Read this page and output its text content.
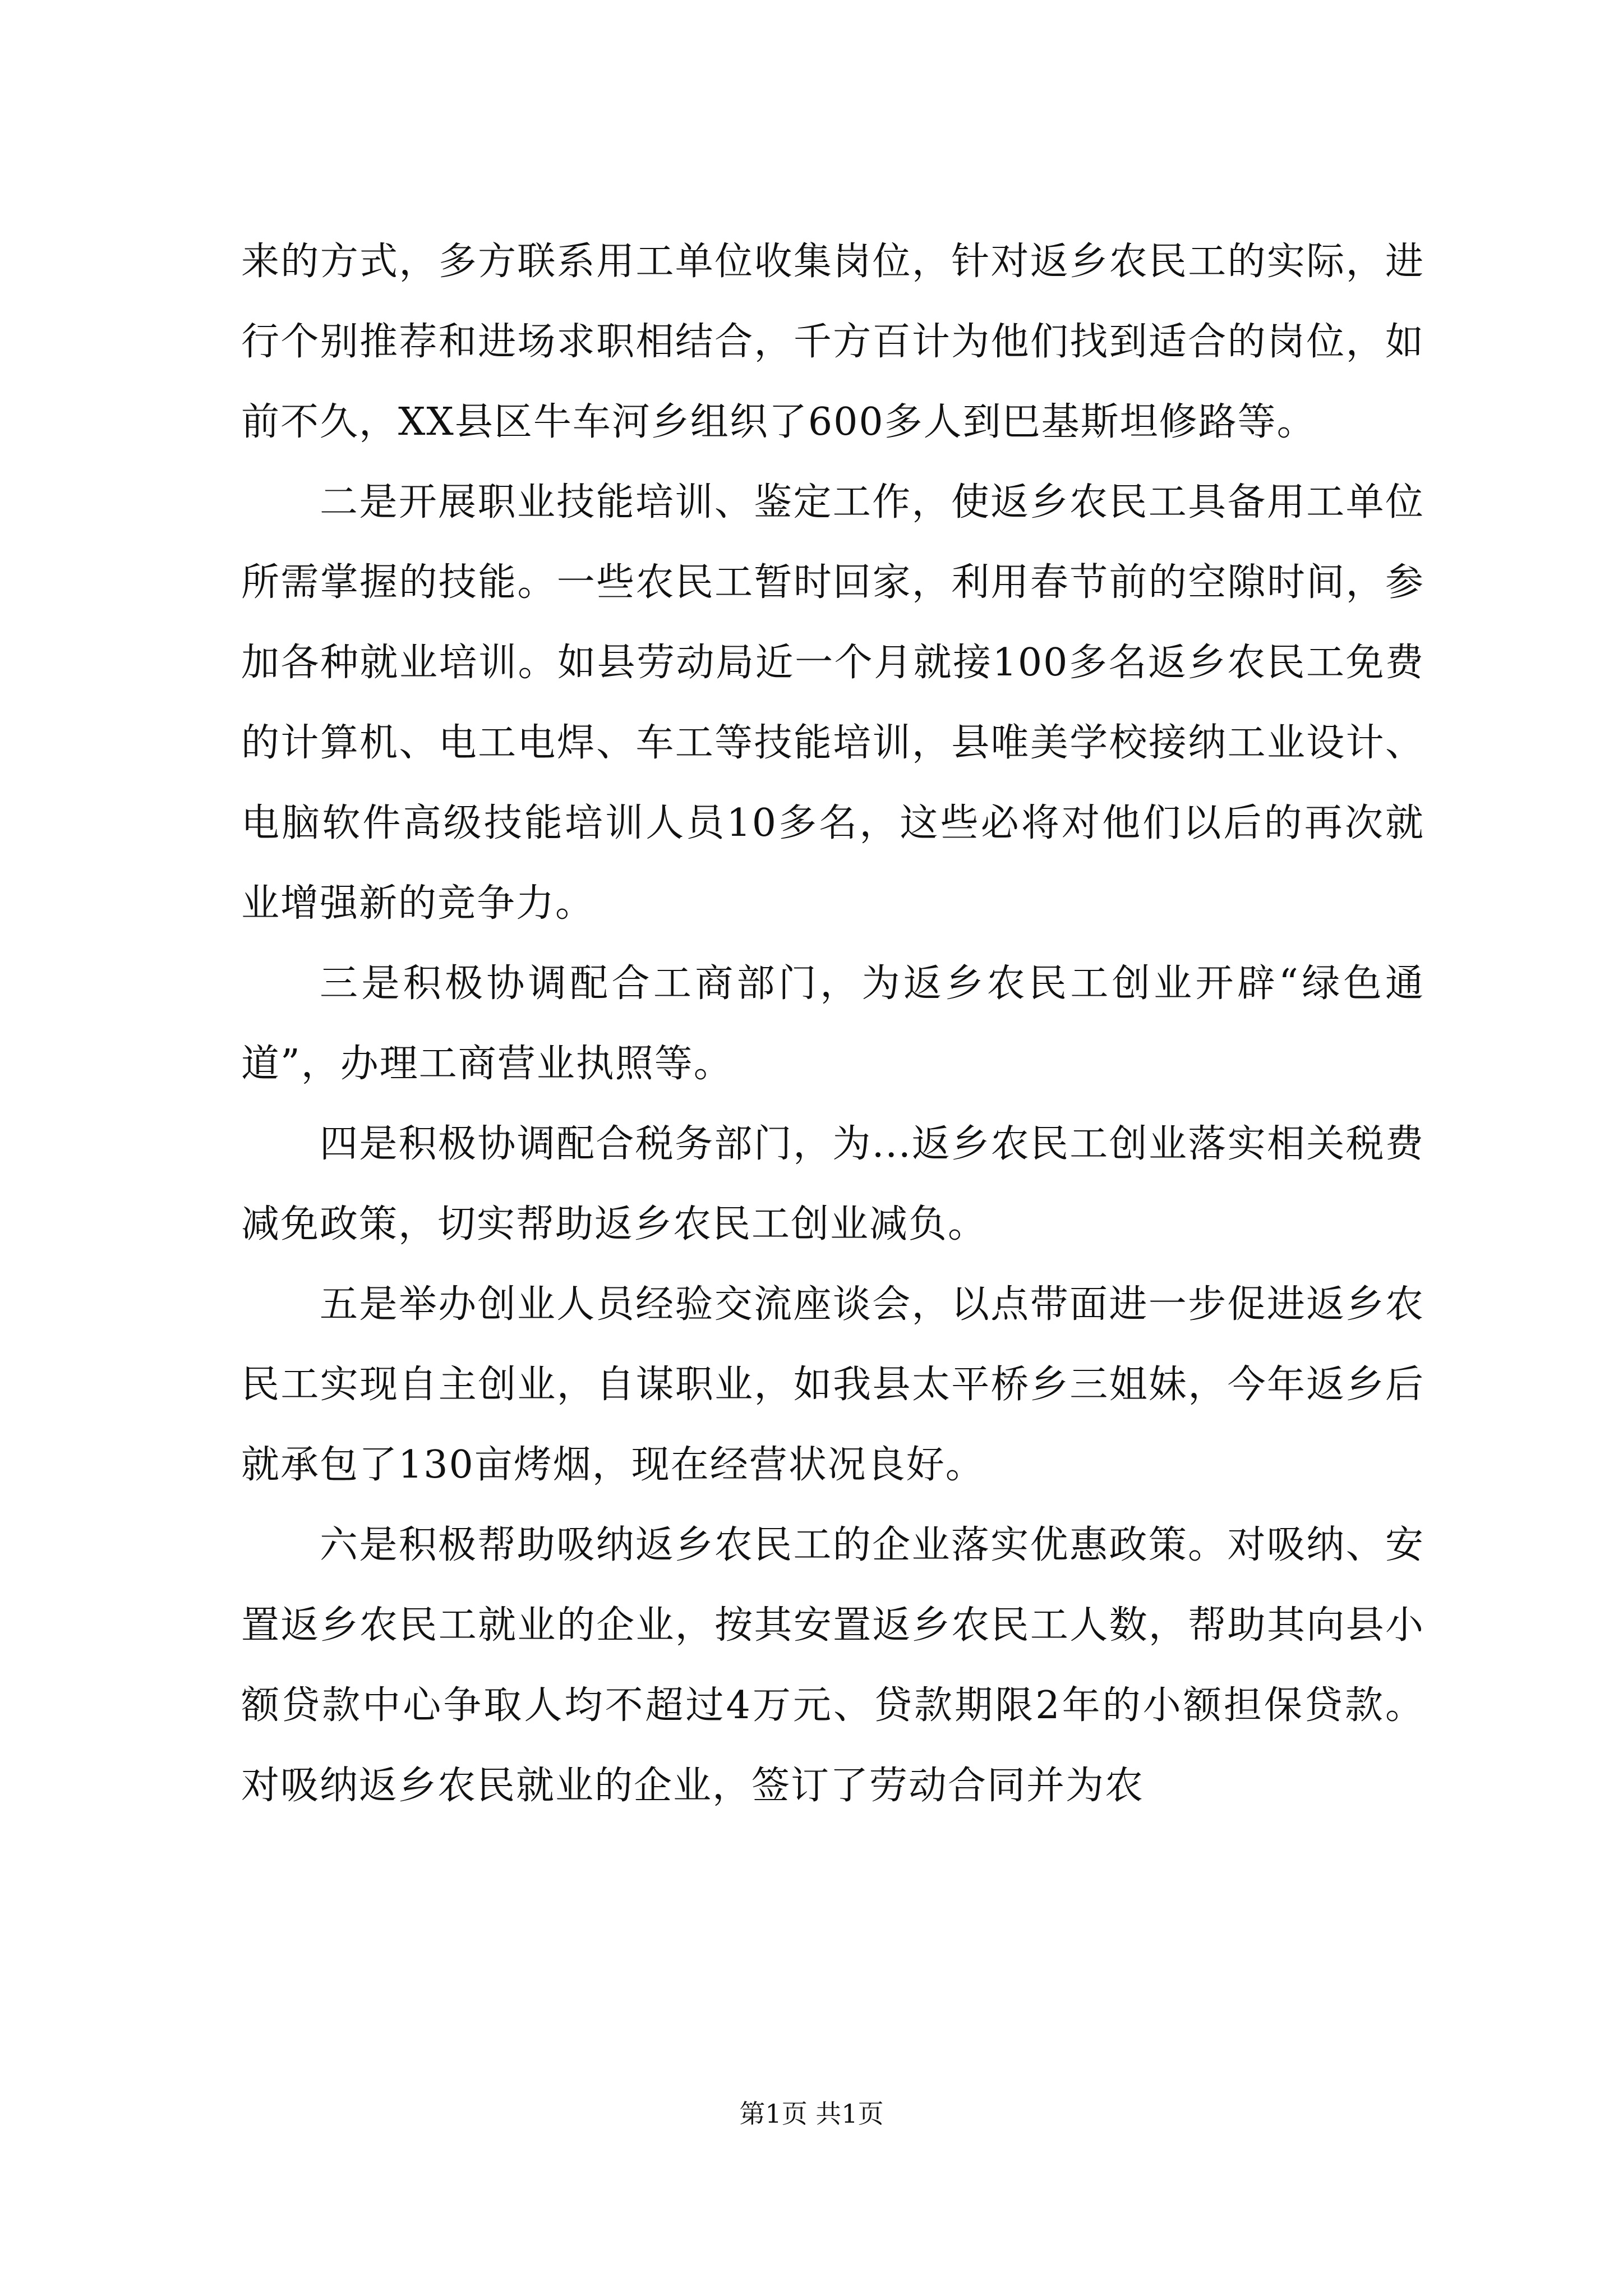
来的方式，多方联系用工单位收集岗位，针对返乡农民工的实际，进行个别推荐和进场求职相结合，千方百计为他们找到适合的岗位，如前不久，XX县区牛车河乡组织了600多人到巴基斯坦修路等。

二是开展职业技能培训、鉴定工作，使返乡农民工具备用工单位所需掌握的技能。一些农民工暂时回家，利用春节前的空隙时间，参加各种就业培训。如县劳动局近一个月就接100多名返乡农民工免费的计算机、电工电焊、车工等技能培训，县唯美学校接纳工业设计、电脑软件高级技能培训人员10多名，这些必将对他们以后的再次就业增强新的竞争力。

三是积极协调配合工商部门，为返乡农民工创业开辟“绿色通道”，办理工商营业执照等。

四是积极协调配合税务部门，为...返乡农民工创业落实相关税费减免政策，切实帮助返乡农民工创业减负。

五是举办创业人员经验交流座谈会，以点带面进一步促进返乡农民工实现自主创业，自谋职业，如我县太平桥乡三姐妹，今年返乡后就承包了130亩烤烟，现在经营状况良好。

六是积极帮助吸纳返乡农民工的企业落实优惠政策。对吸纳、安置返乡农民工就业的企业，按其安置返乡农民工人数，帮助其向县小额贷款中心争取人均不超过4万元、贷款期限2年的小额担保贷款。对吸纳返乡农民就业的企业，签订了劳动合同并为农

第1页 共1页
